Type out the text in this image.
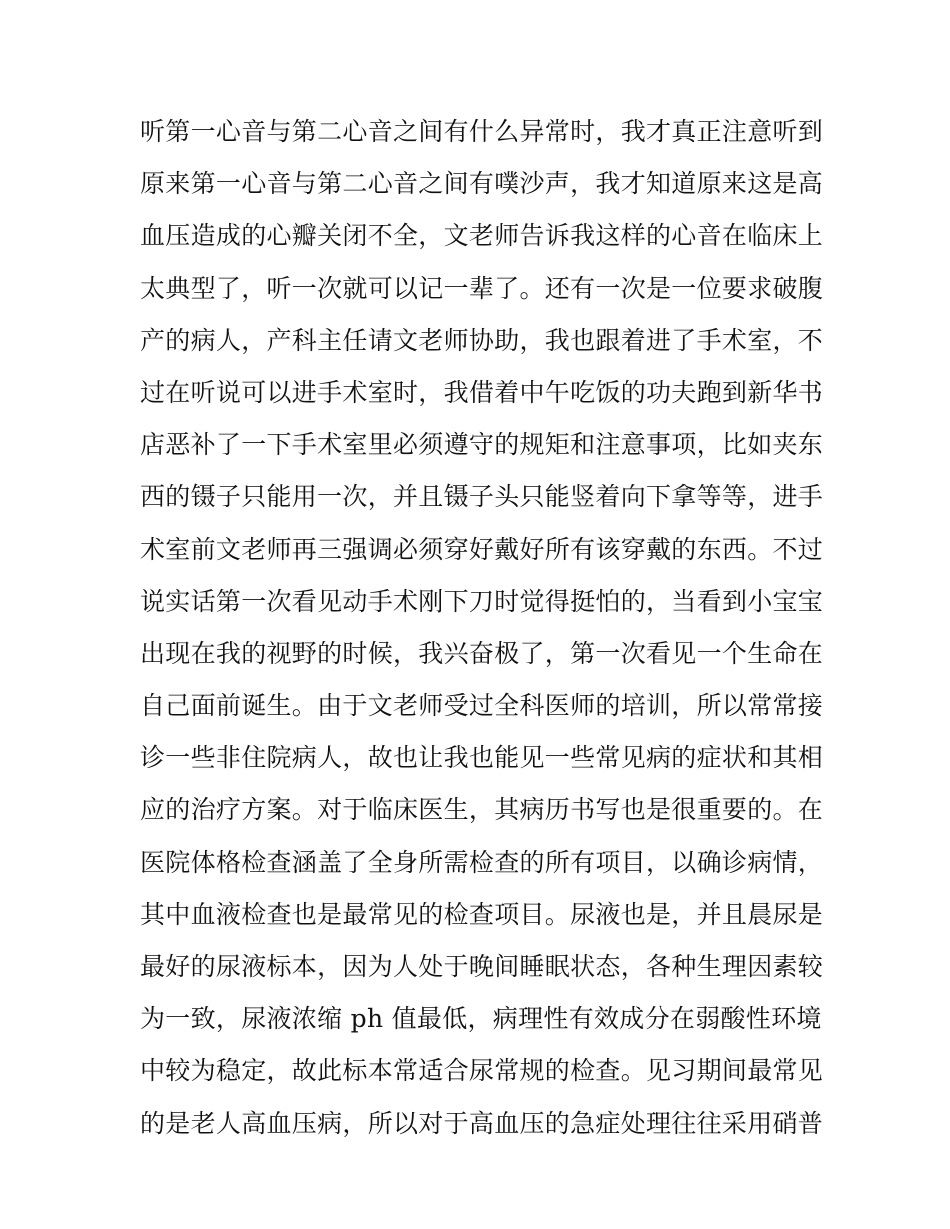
听第一心音与第二心音之间有什么异常时，我才真正注意听到
原来第一心音与第二心音之间有噗沙声，我才知道原来这是高
血压造成的心瓣关闭不全，文老师告诉我这样的心音在临床上
太典型了，听一次就可以记一辈了。还有一次是一位要求破腹
产的病人，产科主任请文老师协助，我也跟着进了手术室，不
过在听说可以进手术室时，我借着中午吃饭的功夫跑到新华书
店恶补了一下手术室里必须遵守的规矩和注意事项，比如夹东
西的镊子只能用一次，并且镊子头只能竖着向下拿等等，进手
术室前文老师再三强调必须穿好戴好所有该穿戴的东西。不过
说实话第一次看见动手术刚下刀时觉得挺怕的，当看到小宝宝
出现在我的视野的时候，我兴奋极了，第一次看见一个生命在
自己面前诞生。由于文老师受过全科医师的培训，所以常常接
诊一些非住院病人，故也让我也能见一些常见病的症状和其相
应的治疗方案。对于临床医生，其病历书写也是很重要的。在
医院体格检查涵盖了全身所需检查的所有项目，以确诊病情，
其中血液检查也是最常见的检查项目。尿液也是，并且晨尿是
最好的尿液标本，因为人处于晚间睡眠状态，各种生理因素较
为一致，尿液浓缩 ph 值最低，病理性有效成分在弱酸性环境
中较为稳定，故此标本常适合尿常规的检查。见习期间最常见
的是老人高血压病，所以对于高血压的急症处理往往采用硝普
